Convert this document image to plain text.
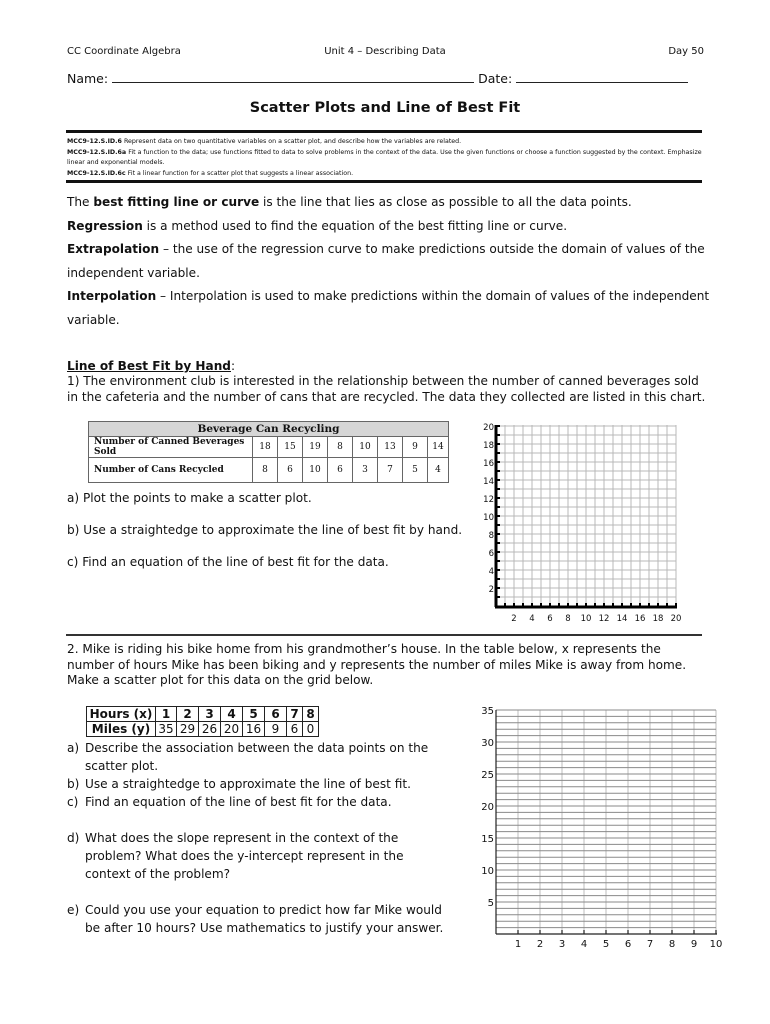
CC Coordinate Algebra	Unit 4 – Describing Data	Day 50
Name:	Date:
Scatter Plots and Line of Best Fit
MCC9-12.S.ID.6 Represent data on two quantitative variables on a scatter plot, and describe how the variables are related.
MCC9-12.S.ID.6a Fit a function to the data; use functions fitted to data to solve problems in the context of the data. Use the given functions or choose a function suggested by the context. Emphasize linear and exponential models.
MCC9-12.S.ID.6c Fit a linear function for a scatter plot that suggests a linear association.
The best fitting line or curve is the line that lies as close as possible to all the data points.
Regression is a method used to find the equation of the best fitting line or curve.
Extrapolation – the use of the regression curve to make predictions outside the domain of values of the independent variable.
Interpolation – Interpolation is used to make predictions within the domain of values of the independent variable.
Line of Best Fit by Hand:
1) The environment club is interested in the relationship between the number of canned beverages sold in the cafeteria and the number of cans that are recycled. The data they collected are listed in this chart.
Beverage Can Recycling								
Number of Canned Beverages Sold	18	15	19	8	10	13	9	14
Number of Cans Recycled	8	6	10	6	3	7	5	4
a) Plot the points to make a scatter plot.
b) Use a straightedge to approximate the line of best fit by hand.
c) Find an equation of the line of best fit for the data.
2
4
6
8
10
12
14
16
18
20
2 4 6 8 10 12 14 16 18 20
2. Mike is riding his bike home from his grandmother’s house. In the table below, x represents the number of hours Mike has been biking and y represents the number of miles Mike is away from home. Make a scatter plot for this data on the grid below.
Hours (x)	1	2	3	4	5	6	7	8
Miles (y)	35	29	26	20	16	9	6	0
a) Describe the association between the data points on the
scatter plot.
b) Use a straightedge to approximate the line of best fit.
c) Find an equation of the line of best fit for the data.
d) What does the slope represent in the context of the
problem? What does the y-intercept represent in the
context of the problem?
e) Could you use your equation to predict how far Mike would
be after 10 hours? Use mathematics to justify your answer.
5
10
15
20
25
30
35
1 2 3 4 5 6 7 8 9 10
